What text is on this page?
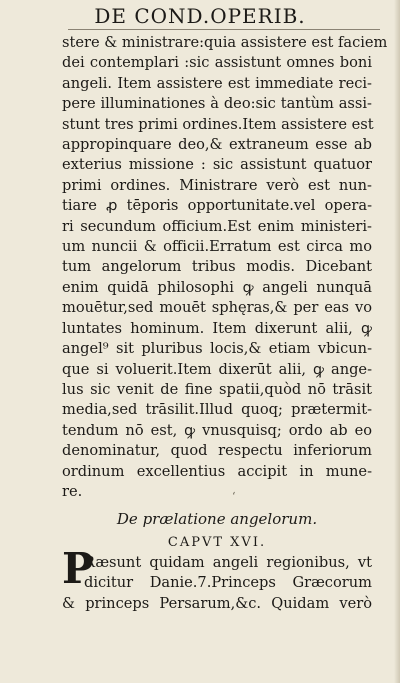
DE COND.OPERIB.
stere & ministrare:quia assistere est faciem
dei contemplari :sic assistunt omnes boni
angeli. Item assistere est immediate reci-
pere illuminationes à deo:sic tantùm assi-
stunt tres primi ordines.Item assistere est
appropinquare deo,& extraneum esse ab
exterius missione : sic assistunt quatuor
primi ordines. Ministrare verò est nun-
tiare ꝓ tēporis opportunitate.vel opera-
ri secundum officium.Est enim ministeri-
um nuncii & officii.Erratum est circa mo
tum angelorum tribus modis. Dicebant
enim quidā philosophi ꝙ angeli nunquā
mouētur,sed mouēt sphęras,& per eas vo
luntates hominum. Item dixerunt alii, ꝙ
angel⁹ sit pluribus locis,& etiam vbicun-
que si voluerit.Item dixerūt alii, ꝙ ange-
lus sic venit de fine spatii,quòd nō trāsit
media,sed trāsilit.Illud quoq; prætermit-
tendum nō est, ꝙ vnusquisq; ordo ab eo
denominatur, quod respectu inferiorum
ordinum excellentius accipit in mune-
re.	ʻ
De prælatione angelorum.
CAPVT XVI.
P
Ræsunt quidam angeli regionibus, vt
dicitur Danie.7.Princeps Græcorum
& princeps Persarum,&c. Quidam verò
